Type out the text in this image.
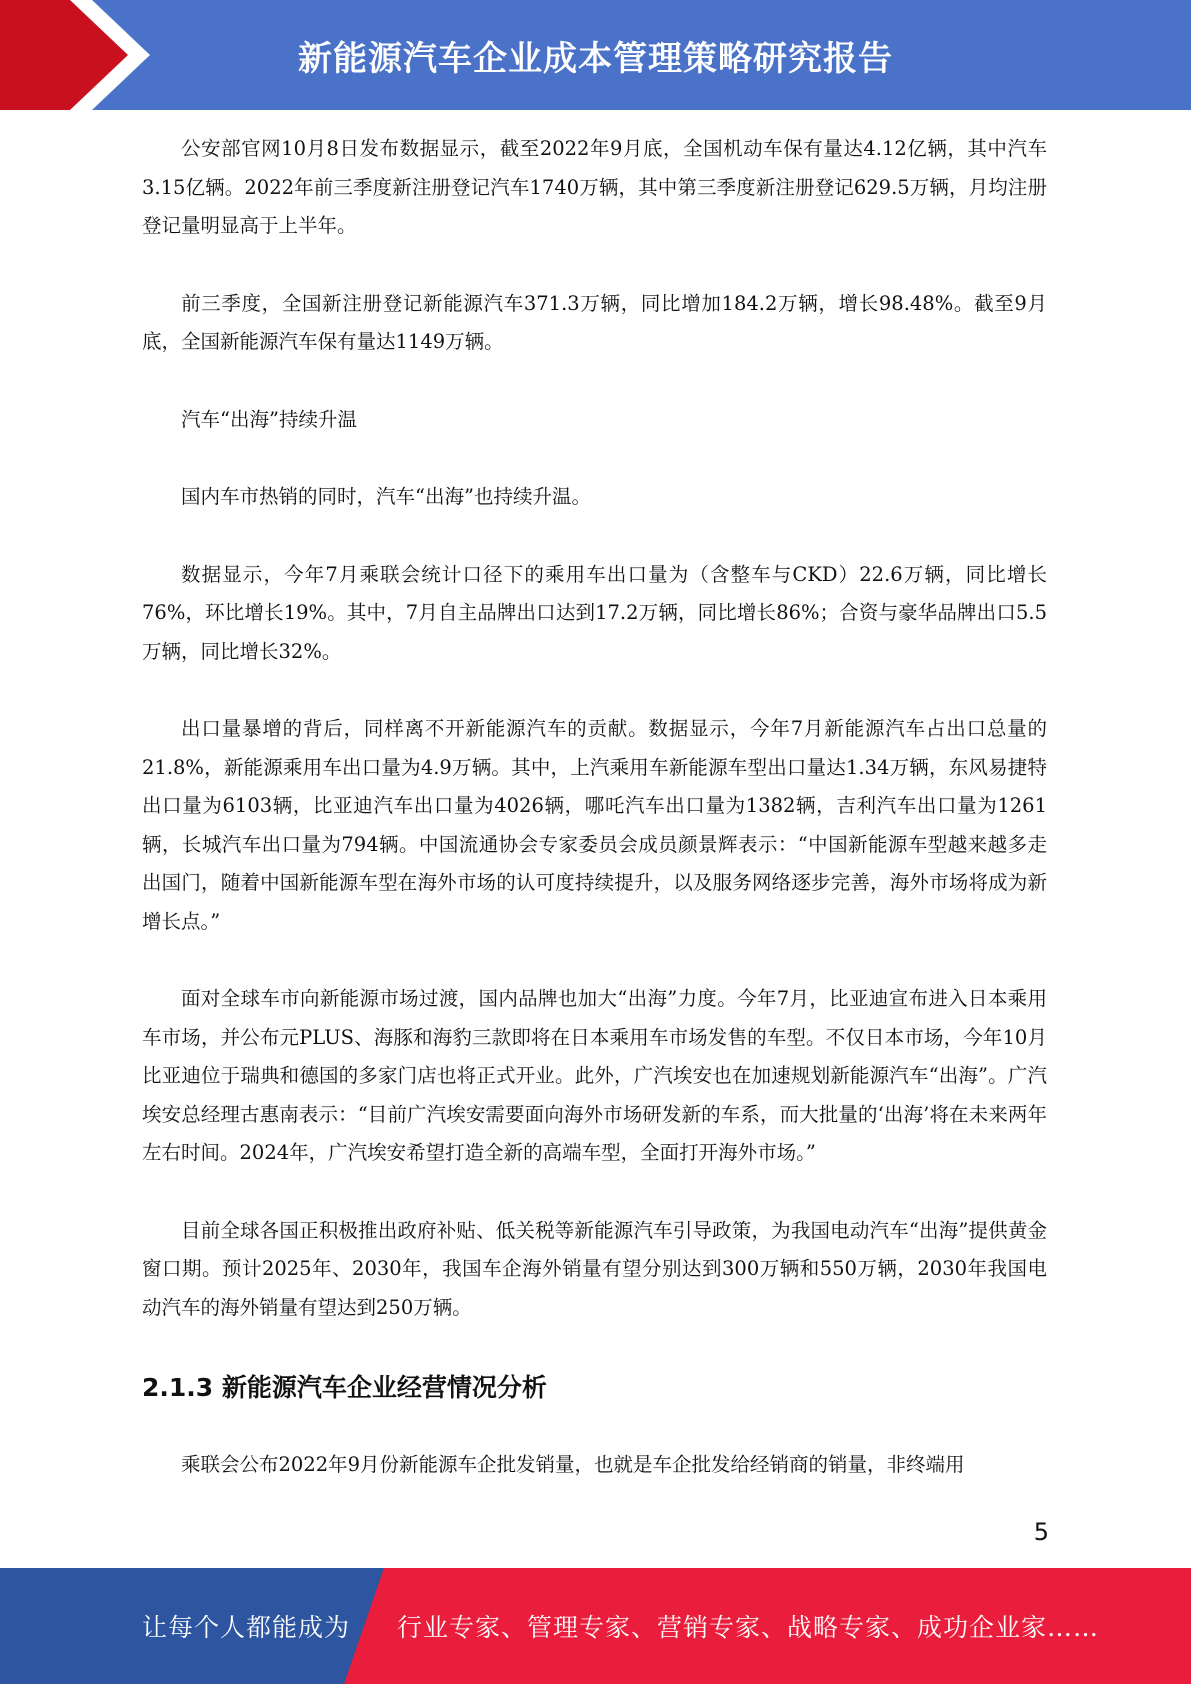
新能源汽车企业成本管理策略研究报告

公安部官网10月8日发布数据显示，截至2022年9月底，全国机动车保有量达4.12亿辆，其中汽车3.15亿辆。2022年前三季度新注册登记汽车1740万辆，其中第三季度新注册登记629.5万辆，月均注册登记量明显高于上半年。

前三季度，全国新注册登记新能源汽车371.3万辆，同比增加184.2万辆，增长98.48%。截至9月底，全国新能源汽车保有量达1149万辆。

汽车“出海”持续升温

国内车市热销的同时，汽车“出海”也持续升温。

数据显示，今年7月乘联会统计口径下的乘用车出口量为（含整车与CKD）22.6万辆，同比增长76%，环比增长19%。其中，7月自主品牌出口达到17.2万辆，同比增长86%；合资与豪华品牌出口5.5万辆，同比增长32%。

出口量暴增的背后，同样离不开新能源汽车的贡献。数据显示，今年7月新能源汽车占出口总量的21.8%，新能源乘用车出口量为4.9万辆。其中，上汽乘用车新能源车型出口量达1.34万辆，东风易捷特出口量为6103辆，比亚迪汽车出口量为4026辆，哪吒汽车出口量为1382辆，吉利汽车出口量为1261辆，长城汽车出口量为794辆。中国流通协会专家委员会成员颜景辉表示：“中国新能源车型越来越多走出国门，随着中国新能源车型在海外市场的认可度持续提升，以及服务网络逐步完善，海外市场将成为新增长点。”

面对全球车市向新能源市场过渡，国内品牌也加大“出海”力度。今年7月，比亚迪宣布进入日本乘用车市场，并公布元PLUS、海豚和海豹三款即将在日本乘用车市场发售的车型。不仅日本市场，今年10月比亚迪位于瑞典和德国的多家门店也将正式开业。此外，广汽埃安也在加速规划新能源汽车“出海”。广汽埃安总经理古惠南表示：“目前广汽埃安需要面向海外市场研发新的车系，而大批量的‘出海’将在未来两年左右时间。2024年，广汽埃安希望打造全新的高端车型，全面打开海外市场。”

目前全球各国正积极推出政府补贴、低关税等新能源汽车引导政策，为我国电动汽车“出海”提供黄金窗口期。预计2025年、2030年，我国车企海外销量有望分别达到300万辆和550万辆，2030年我国电动汽车的海外销量有望达到250万辆。

2.1.3 新能源汽车企业经营情况分析

乘联会公布2022年9月份新能源车企批发销量，也就是车企批发给经销商的销量，非终端用

5
让每个人都能成为 行业专家、管理专家、营销专家、战略专家、成功企业家……
